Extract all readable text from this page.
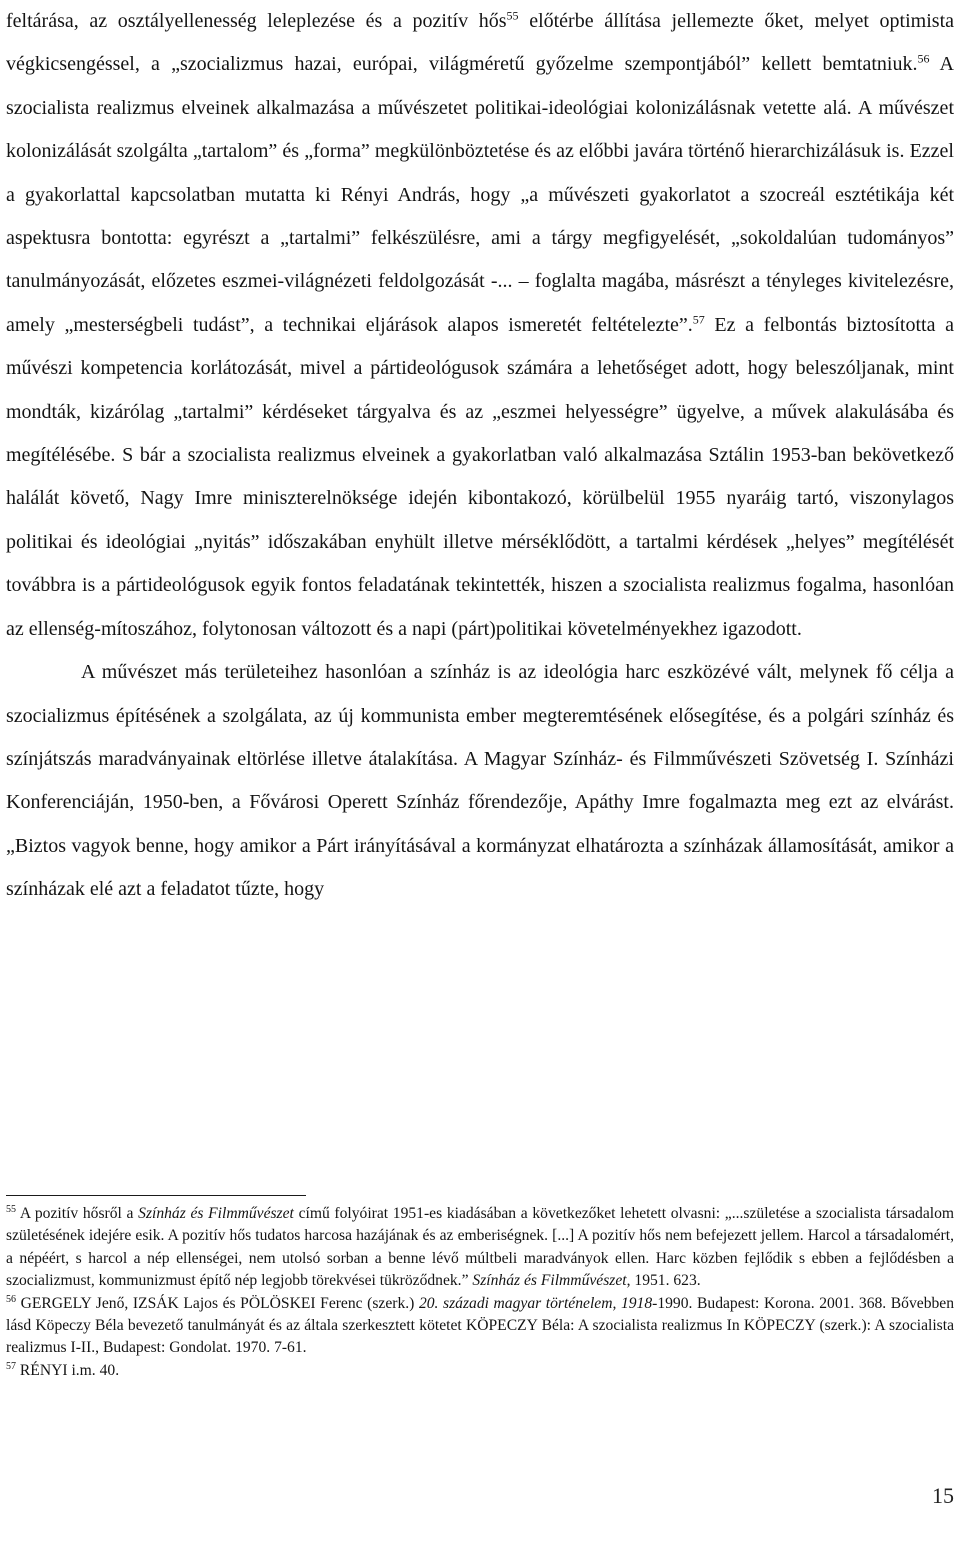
feltárása, az osztályellenesség leleplezése és a pozitív hős$^{55}$ előtérbe állítása jellemezte őket, melyet optimista végkicsengéssel, a „szocializmus hazai, európai, világméretű győzelme szempontjából” kellett bemtatniuk.$^{56}$ A szocialista realizmus elveinek alkalmazása a művészetet politikai-ideológiai kolonizálásnak vetette alá. A művészet kolonizálását szolgálta „tartalom” és „forma” megkülönböztetése és az előbbi javára történő hierarchizálásuk is. Ezzel a gyakorlattal kapcsolatban mutatta ki Rényi András, hogy „a művészeti gyakorlatot a szocreál esztétikája két aspektusra bontotta: egyrészt a „tartalmi” felkészülésre, ami a tárgy megfigyelését, „sokoldalúan tudományos” tanulmányozását, előzetes eszmei-világnézeti feldolgozását -... – foglalta magába, másrészt a tényleges kivitelezésre, amely „mesterségbeli tudást”, a technikai eljárások alapos ismeretét feltételezte”.$^{57}$ Ez a felbontás biztosította a művészi kompetencia korlátozását, mivel a pártideológusok számára a lehetőséget adott, hogy beleszóljanak, mint mondták, kizárólag „tartalmi” kérdéseket tárgyalva és az „eszmei helyességre” ügyelve, a művek alakulásába és megítélésébe. S bár a szocialista realizmus elveinek a gyakorlatban való alkalmazása Sztálin 1953-ban bekövetkező halálát követő, Nagy Imre miniszterelnöksége idején kibontakozó, körülbelül 1955 nyaráig tartó, viszonylagos politikai és ideológiai „nyitás” időszakában enyhült illetve mérséklődött, a tartalmi kérdések „helyes” megítélését továbbra is a pártideológusok egyik fontos feladatának tekintették, hiszen a szocialista realizmus fogalma, hasonlóan az ellenség-mítoszához, folytonosan változott és a napi (párt)politikai követelményekhez igazodott.

A művészet más területeihez hasonlóan a színház is az ideológia harc eszközévé vált, melynek fő célja a szocializmus építésének a szolgálata, az új kommunista ember megteremtésének elősegítése, és a polgári színház és színjátszás maradványainak eltörlése illetve átalakítása. A Magyar Színház- és Filmművészeti Szövetség I. Színházi Konferenciáján, 1950-ben, a Fővárosi Operett Színház főrendezője, Apáthy Imre fogalmazta meg ezt az elvárást. „Biztos vagyok benne, hogy amikor a Párt irányításával a kormányzat elhatározta a színházak államosítását, amikor a színházak elé azt a feladatot tűzte, hogy

$^{55}$ A pozitív hősről a Színház és Filmművészet című folyóirat 1951-es kiadásában a következőket lehetett olvasni: „...születése a szocialista társadalom születésének idejére esik. A pozitív hős tudatos harcosa hazájának és az emberiségnek. [...] A pozitív hős nem befejezett jellem. Harcol a társadalomért, a népéért, s harcol a nép ellenségei, nem utolsó sorban a benne lévő múltbeli maradványok ellen. Harc közben fejlődik s ebben a fejlődésben a szocializmust, kommunizmust építő nép legjobb törekvései tükröződnek.” Színház és Filmművészet, 1951. 623.

$^{56}$ GERGELY Jenő, IZSÁK Lajos és PÖLÖSKEI Ferenc (szerk.) 20. századi magyar történelem, 1918-1990. Budapest: Korona. 2001. 368. Bővebben lásd Köpeczy Béla bevezető tanulmányát és az általa szerkesztett kötetet KÖPECZY Béla: A szocialista realizmus In KÖPECZY (szerk.): A szocialista realizmus I-II., Budapest: Gondolat. 1970. 7-61.

$^{57}$ RÉNYI i.m. 40.

15
